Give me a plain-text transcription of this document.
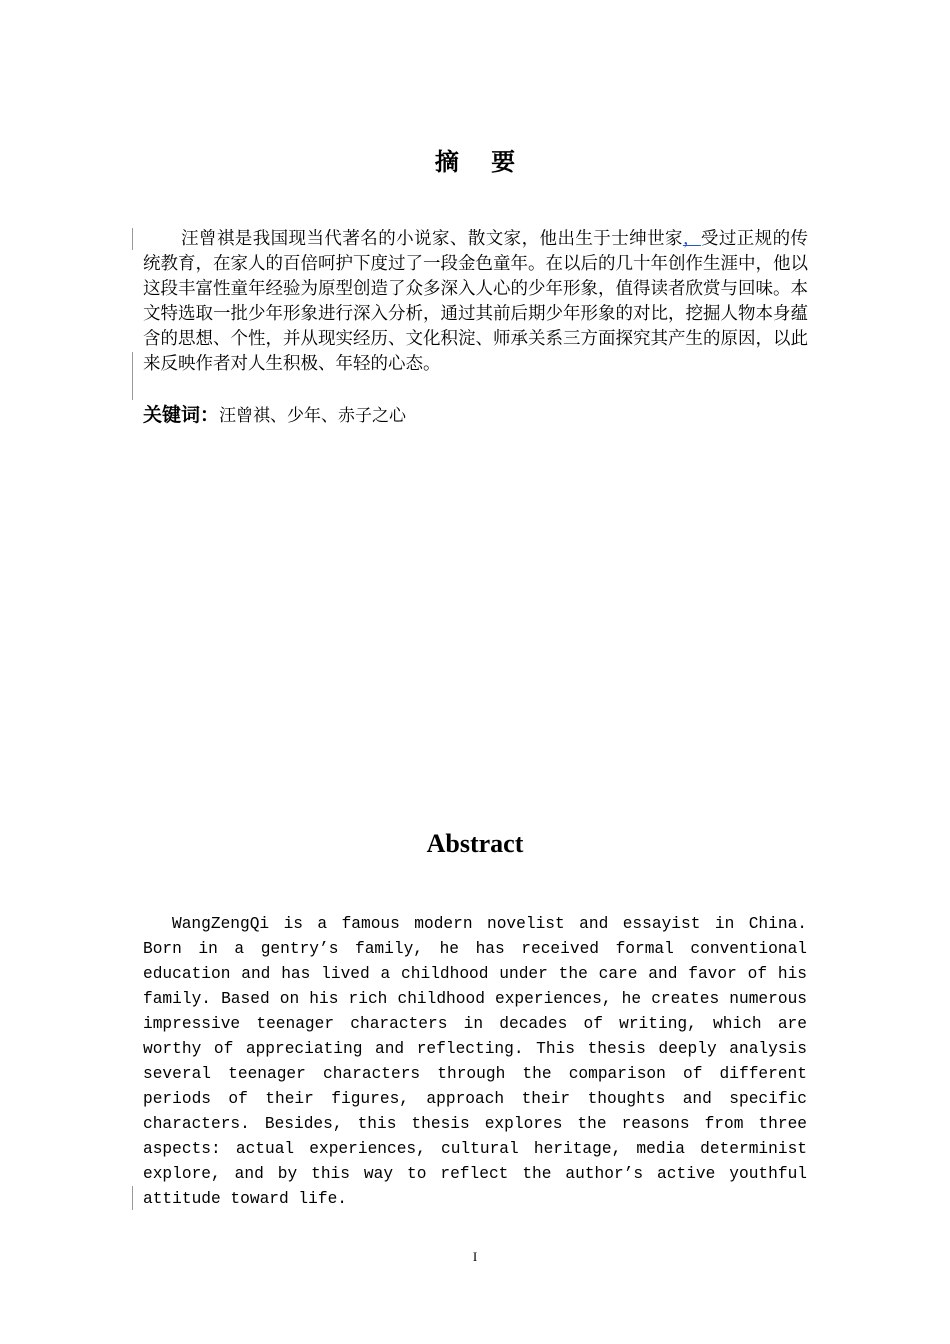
摘 要

汪曾祺是我国现当代著名的小说家、散文家，他出生于士绅世家，受过正规的传统教育，在家人的百倍呵护下度过了一段金色童年。在以后的几十年创作生涯中，他以这段丰富性童年经验为原型创造了众多深入人心的少年形象，值得读者欣赏与回味。本文特选取一批少年形象进行深入分析，通过其前后期少年形象的对比，挖掘人物本身蕴含的思想、个性，并从现实经历、文化积淀、师承关系三方面探究其产生的原因，以此来反映作者对人生积极、年轻的心态。

关键词：汪曾祺、少年、赤子之心
Abstract

WangZengQi is a famous modern novelist and essayist in China. Born in a gentry’s family, he has received formal conventional education and has lived a childhood under the care and favor of his family. Based on his rich childhood experiences, he creates numerous impressive teenager characters in decades of writing, which are worthy of appreciating and reflecting. This thesis deeply analysis several teenager characters through the comparison of different periods of their figures, approach their thoughts and specific characters. Besides, this thesis explores the reasons from three aspects: actual experiences, cultural heritage, media determinist explore, and by this way to reflect the author’s active youthful attitude toward life.

I
